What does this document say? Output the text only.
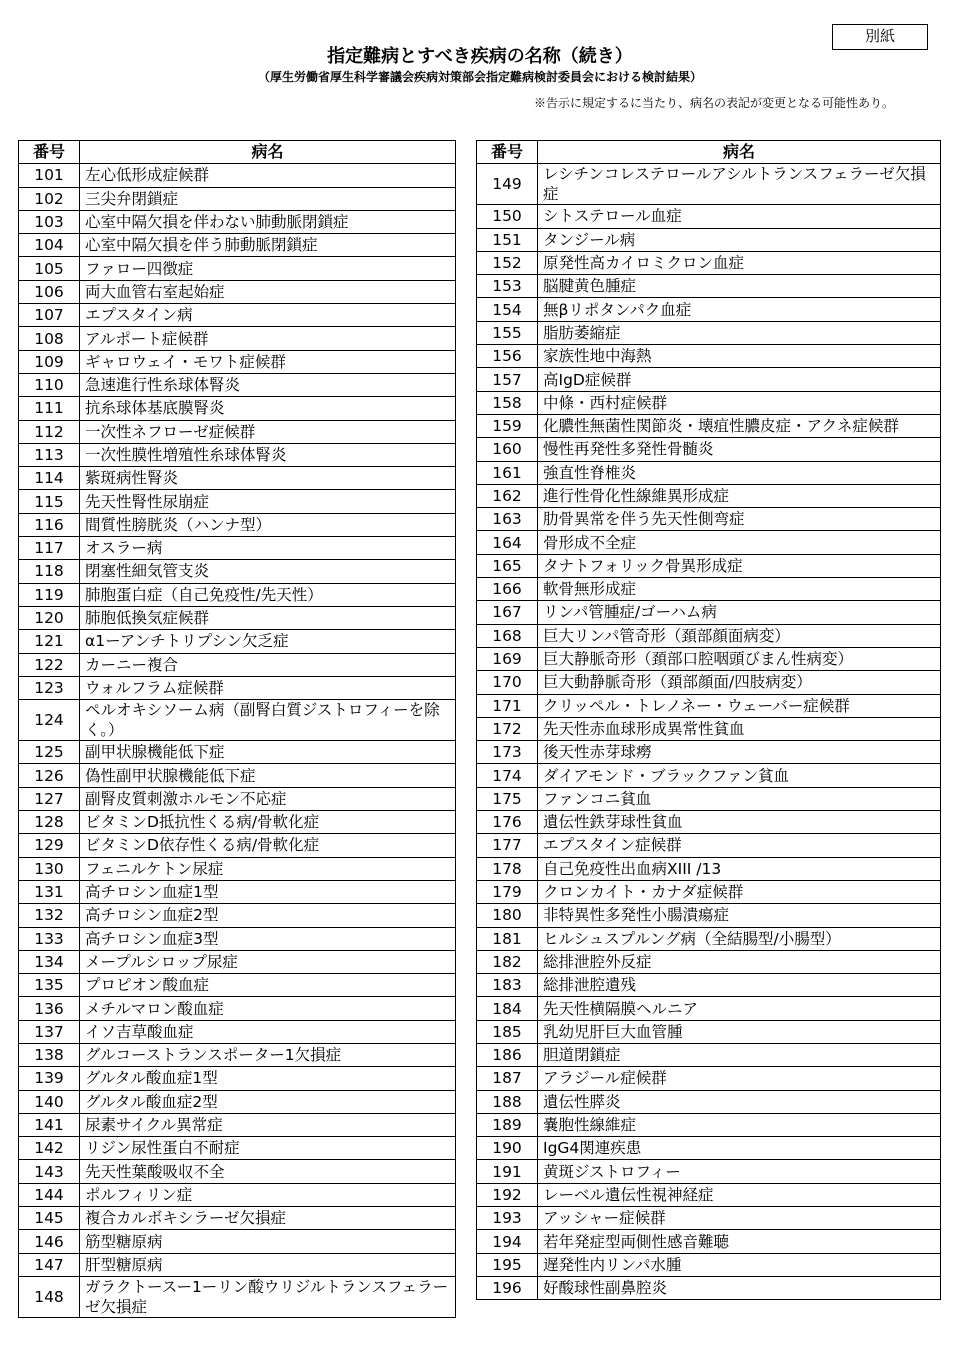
別紙
指定難病とすべき疾病の名称（続き）
（厚生労働省厚生科学審議会疾病対策部会指定難病検討委員会における検討結果）
※告示に規定するに当たり、病名の表記が変更となる可能性あり。
番号	病名
101	左心低形成症候群
102	三尖弁閉鎖症
103	心室中隔欠損を伴わない肺動脈閉鎖症
104	心室中隔欠損を伴う肺動脈閉鎖症
105	ファロー四徴症
106	両大血管右室起始症
107	エプスタイン病
108	アルポート症候群
109	ギャロウェイ・モワト症候群
110	急速進行性糸球体腎炎
111	抗糸球体基底膜腎炎
112	一次性ネフローゼ症候群
113	一次性膜性増殖性糸球体腎炎
114	紫斑病性腎炎
115	先天性腎性尿崩症
116	間質性膀胱炎（ハンナ型）
117	オスラー病
118	閉塞性細気管支炎
119	肺胞蛋白症（自己免疫性/先天性）
120	肺胞低換気症候群
121	α1ーアンチトリプシン欠乏症
122	カーニー複合
123	ウォルフラム症候群
124	ペルオキシソーム病（副腎白質ジストロフィーを除く。）
125	副甲状腺機能低下症
126	偽性副甲状腺機能低下症
127	副腎皮質刺激ホルモン不応症
128	ビタミンD抵抗性くる病/骨軟化症
129	ビタミンD依存性くる病/骨軟化症
130	フェニルケトン尿症
131	高チロシン血症1型
132	高チロシン血症2型
133	高チロシン血症3型
134	メープルシロップ尿症
135	プロピオン酸血症
136	メチルマロン酸血症
137	イソ吉草酸血症
138	グルコーストランスポーター1欠損症
139	グルタル酸血症1型
140	グルタル酸血症2型
141	尿素サイクル異常症
142	リジン尿性蛋白不耐症
143	先天性葉酸吸収不全
144	ポルフィリン症
145	複合カルボキシラーゼ欠損症
146	筋型糖原病
147	肝型糖原病
148	ガラクトースー1ーリン酸ウリジルトランスフェラーゼ欠損症
番号	病名
149	レシチンコレステロールアシルトランスフェラーゼ欠損症
150	シトステロール血症
151	タンジール病
152	原発性高カイロミクロン血症
153	脳腱黄色腫症
154	無βリポタンパク血症
155	脂肪萎縮症
156	家族性地中海熱
157	高IgD症候群
158	中條・西村症候群
159	化膿性無菌性関節炎・壊疽性膿皮症・アクネ症候群
160	慢性再発性多発性骨髄炎
161	強直性脊椎炎
162	進行性骨化性線維異形成症
163	肋骨異常を伴う先天性側弯症
164	骨形成不全症
165	タナトフォリック骨異形成症
166	軟骨無形成症
167	リンパ管腫症/ゴーハム病
168	巨大リンパ管奇形（頚部顔面病変）
169	巨大静脈奇形（頚部口腔咽頭びまん性病変）
170	巨大動静脈奇形（頚部顔面/四肢病変）
171	クリッペル・トレノネー・ウェーバー症候群
172	先天性赤血球形成異常性貧血
173	後天性赤芽球癆
174	ダイアモンド・ブラックファン貧血
175	ファンコニ貧血
176	遺伝性鉄芽球性貧血
177	エプスタイン症候群
178	自己免疫性出血病XIII /13
179	クロンカイト・カナダ症候群
180	非特異性多発性小腸潰瘍症
181	ヒルシュスプルング病（全結腸型/小腸型）
182	総排泄腔外反症
183	総排泄腔遺残
184	先天性横隔膜ヘルニア
185	乳幼児肝巨大血管腫
186	胆道閉鎖症
187	アラジール症候群
188	遺伝性膵炎
189	嚢胞性線維症
190	IgG4関連疾患
191	黄斑ジストロフィー
192	レーベル遺伝性視神経症
193	アッシャー症候群
194	若年発症型両側性感音難聴
195	遅発性内リンパ水腫
196	好酸球性副鼻腔炎
